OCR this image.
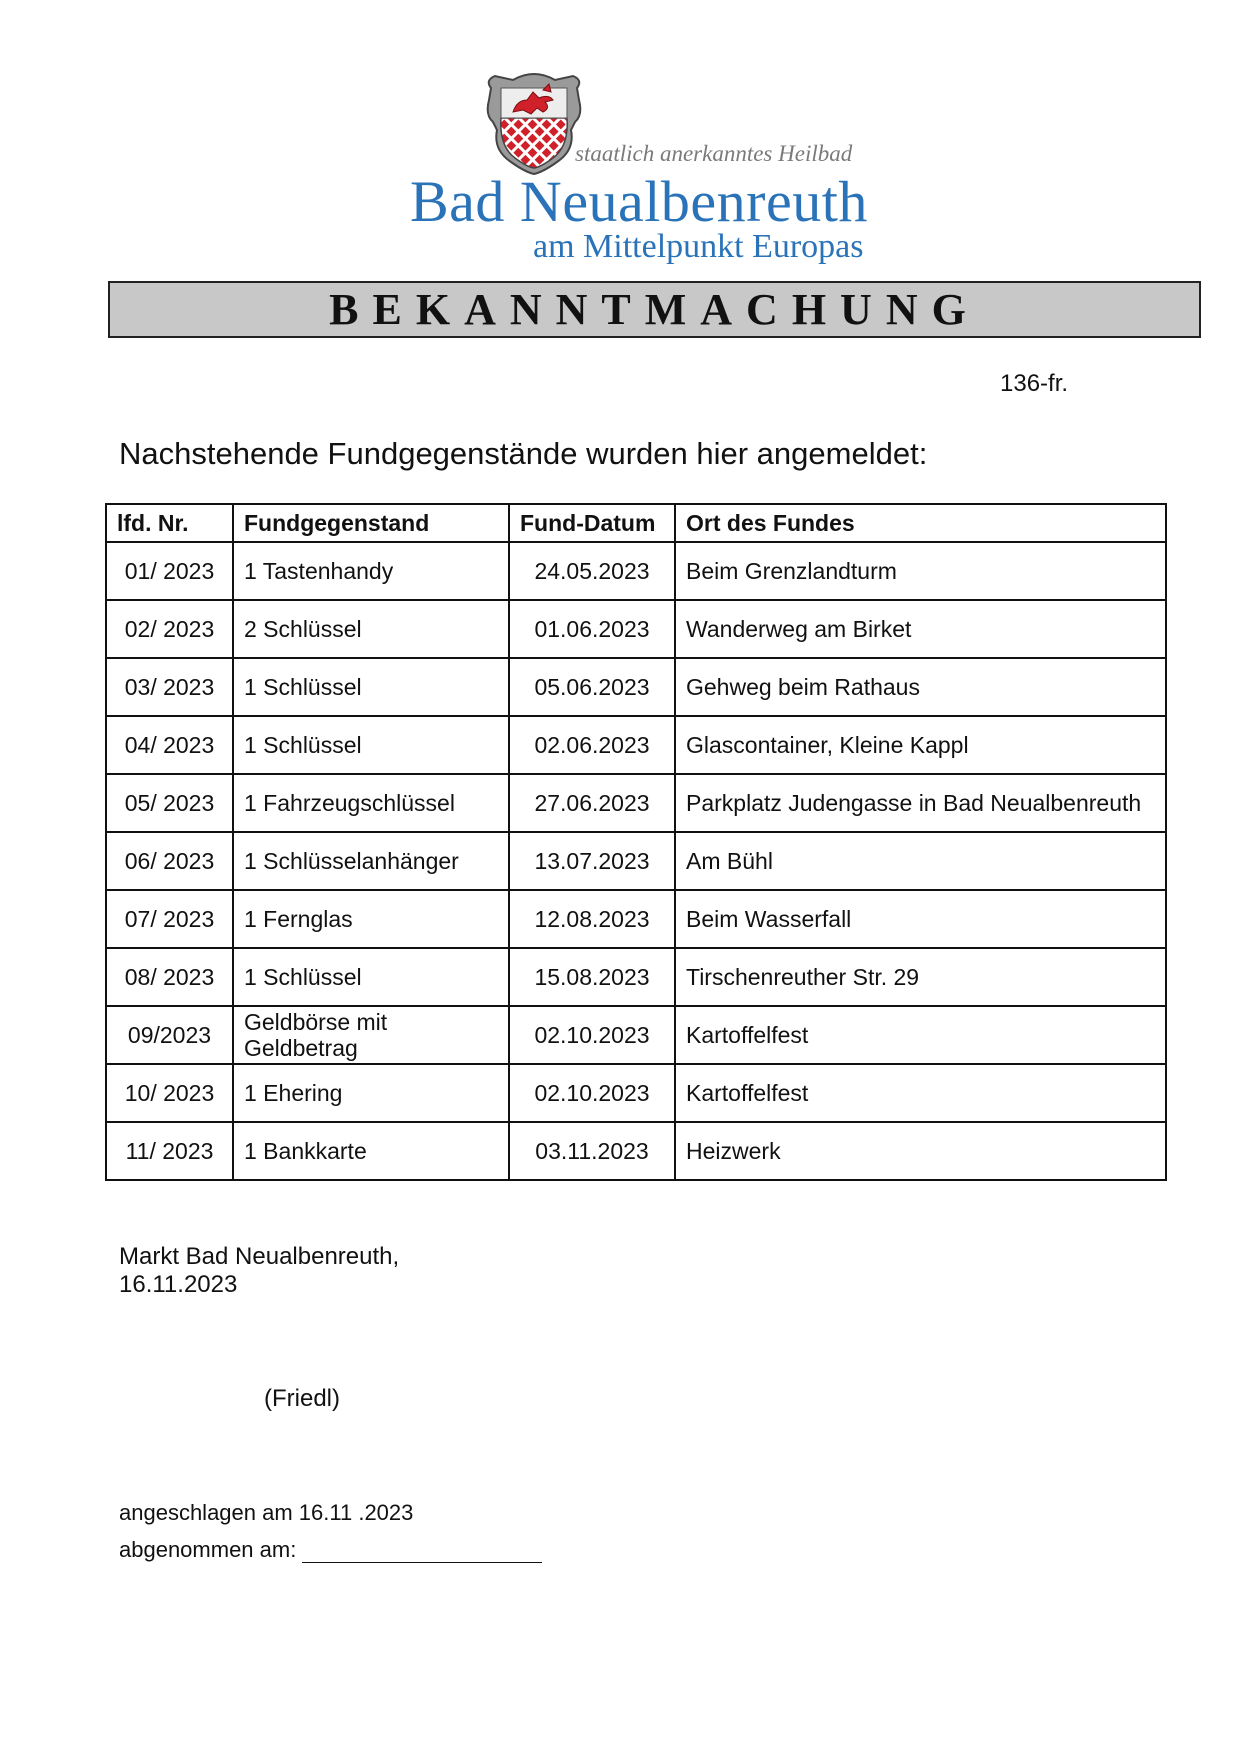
staatlich anerkanntes Heilbad
Bad Neualbenreuth
am Mittelpunkt Europas
BEKANNTMACHUNG
136-fr.
Nachstehende Fundgegenstände wurden hier angemeldet:
lfd. Nr.	Fundgegenstand	Fund-Datum	Ort des Fundes
01/ 2023	1 Tastenhandy	24.05.2023	Beim Grenzlandturm
02/ 2023	2 Schlüssel	01.06.2023	Wanderweg am Birket
03/ 2023	1 Schlüssel	05.06.2023	Gehweg beim Rathaus
04/ 2023	1 Schlüssel	02.06.2023	Glascontainer, Kleine Kappl
05/ 2023	1 Fahrzeugschlüssel	27.06.2023	Parkplatz Judengasse in Bad Neualbenreuth
06/ 2023	1 Schlüsselanhänger	13.07.2023	Am Bühl
07/ 2023	1 Fernglas	12.08.2023	Beim Wasserfall
08/ 2023	1 Schlüssel	15.08.2023	Tirschenreuther Str. 29
09/2023	Geldbörse mit Geldbetrag	02.10.2023	Kartoffelfest
10/ 2023	1 Ehering	02.10.2023	Kartoffelfest
11/ 2023	1 Bankkarte	03.11.2023	Heizwerk
Markt Bad Neualbenreuth, 16.11.2023
(Friedl)
angeschlagen am 16.11 .2023
abgenommen am:
